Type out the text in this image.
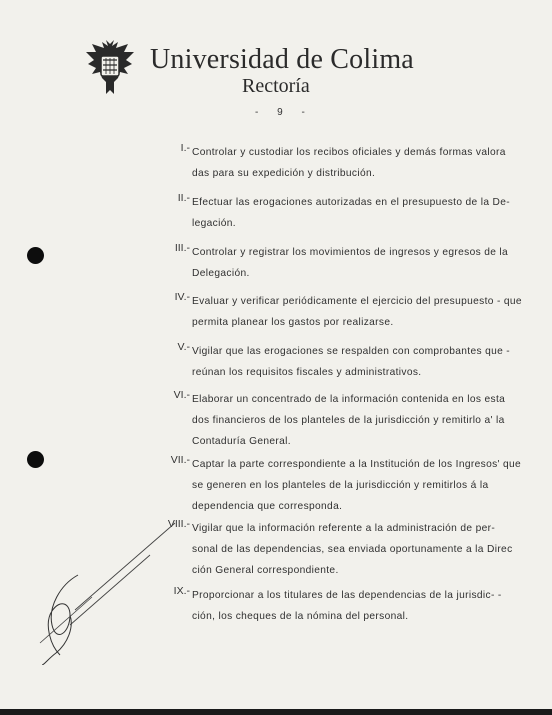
Universidad de Colima
Rectoría
- 9 -
I.- Controlar y custodiar los recibos oficiales y demás formas valora das para su expedición y distribución.
II.- Efectuar las erogaciones autorizadas en el presupuesto de la De- legación.
III.- Controlar y registrar los movimientos de ingresos y egresos de la Delegación.
IV.- Evaluar y verificar periódicamente el ejercicio del presupuesto - que permita planear los gastos por realizarse.
V.- Vigilar que las erogaciones se respalden con comprobantes que - reúnan los requisitos fiscales y administrativos.
VI.- Elaborar un concentrado de la información contenida en los esta dos financieros de los planteles de la jurisdicción y remitirlo a' la Contaduría General.
VII.- Captar la parte correspondiente a la Institución de los Ingresos' que se generen en los planteles de la jurisdicción y remitirlos á la dependencia que corresponda.
VIII.- Vigilar que la información referente a la administración de per- sonal de las dependencias, sea enviada oportunamente a la Direc ción General correspondiente.
IX.- Proporcionar a los titulares de las dependencias de la jurisdic- - ción, los cheques de la nómina del personal.
